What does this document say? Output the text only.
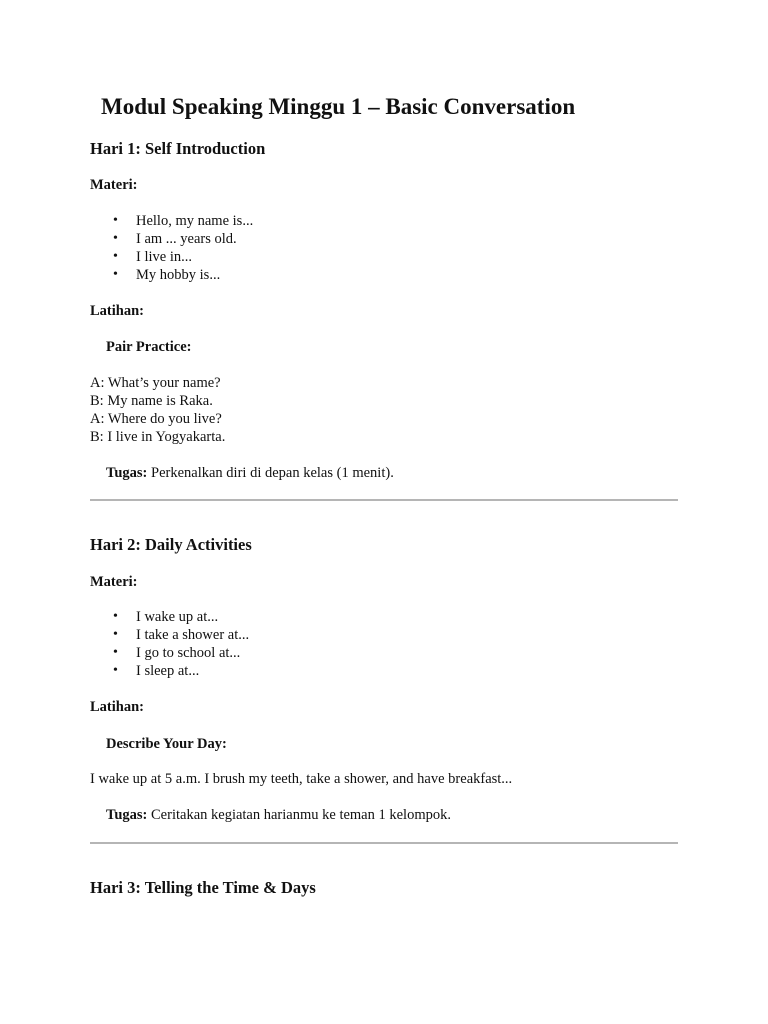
Modul Speaking Minggu 1 – Basic Conversation
Hari 1: Self Introduction

Materi:

• Hello, my name is...
• I am ... years old.
• I live in...
• My hobby is...

Latihan:

Pair Practice:

A: What’s your name?
B: My name is Raka.
A: Where do you live?
B: I live in Yogyakarta.

Tugas: Perkenalkan diri di depan kelas (1 menit).

Hari 2: Daily Activities

Materi:

• I wake up at...
• I take a shower at...
• I go to school at...
• I sleep at...

Latihan:

Describe Your Day:

I wake up at 5 a.m. I brush my teeth, take a shower, and have breakfast...

Tugas: Ceritakan kegiatan harianmu ke teman 1 kelompok.

Hari 3: Telling the Time & Days
